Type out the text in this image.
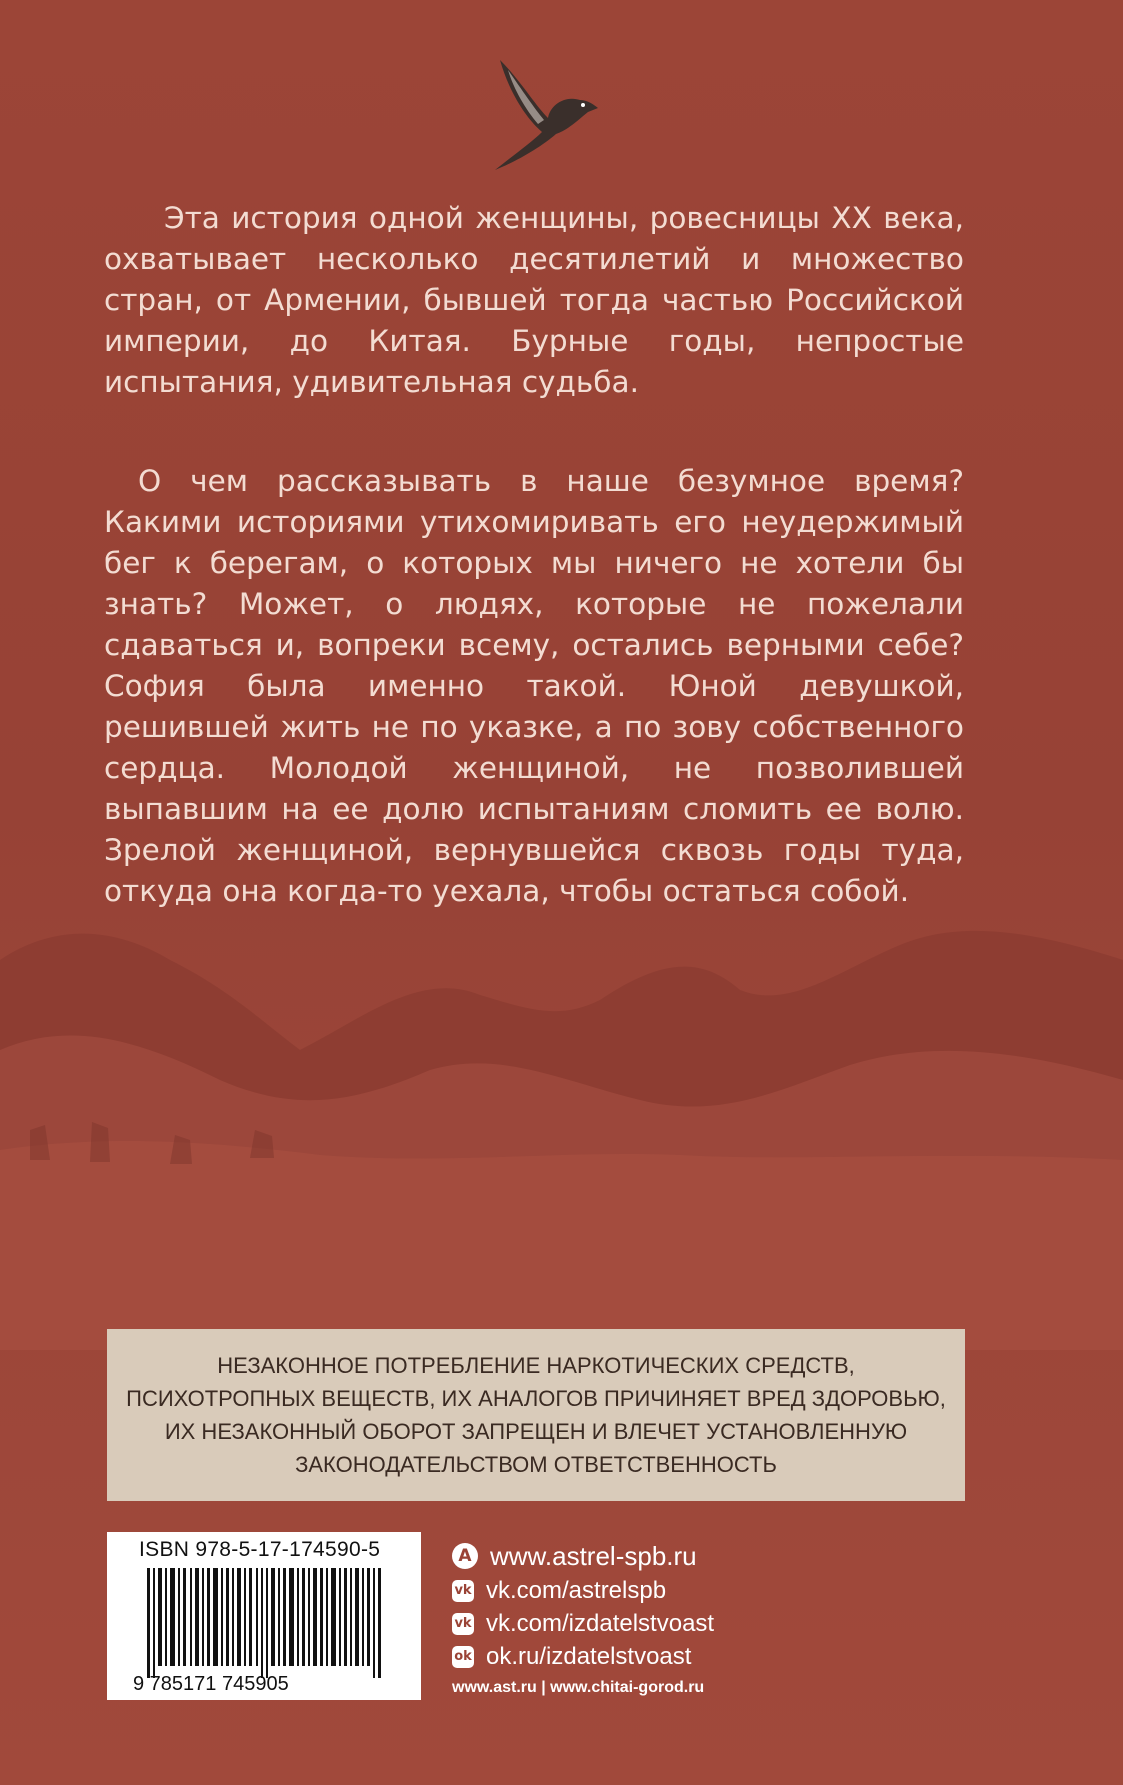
Эта история одной женщины, ровесницы XX века, охватывает несколько десятилетий и множество стран, от Армении, бывшей тогда частью Российской империи, до Китая. Бурные годы, непростые испытания, удивительная судьба.

О чем рассказывать в наше безумное время? Какими историями утихомиривать его неудержимый бег к берегам, о которых мы ничего не хотели бы знать? Может, о людях, которые не пожелали сдаваться и, вопреки всему, остались верными себе? София была именно такой. Юной девушкой, решившей жить не по указке, а по зову собственного сердца. Молодой женщиной, не позволившей выпавшим на ее долю испытаниям сломить ее волю. Зрелой женщиной, вернувшейся сквозь годы туда, откуда она когда-то уехала, чтобы остаться собой.

НЕЗАКОННОЕ ПОТРЕБЛЕНИЕ НАРКОТИЧЕСКИХ СРЕДСТВ, ПСИХОТРОПНЫХ ВЕЩЕСТВ, ИХ АНАЛОГОВ ПРИЧИНЯЕТ ВРЕД ЗДОРОВЬЮ, ИХ НЕЗАКОННЫЙ ОБОРОТ ЗАПРЕЩЕН И ВЛЕЧЕТ УСТАНОВЛЕННУЮ ЗАКОНОДАТЕЛЬСТВОМ ОТВЕТСТВЕННОСТЬ

ISBN 978-5-17-174590-5
9 785171 745905
A www.astrel-spb.ru
vk vk.com/astrelspb
vk vk.com/izdatelstvoast
ok ok.ru/izdatelstvoast
www.ast.ru | www.chitai-gorod.ru
